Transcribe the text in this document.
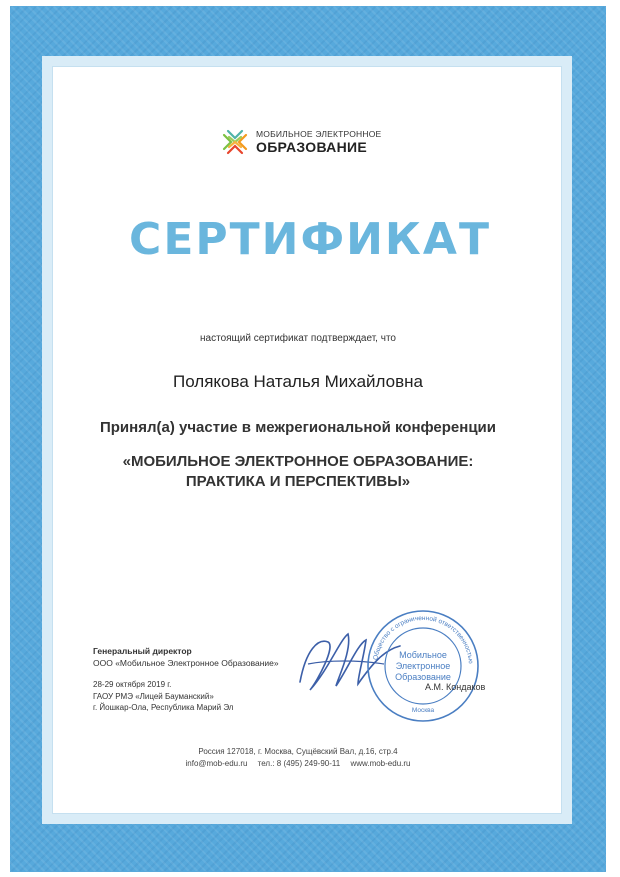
МОБИЛЬНОЕ ЭЛЕКТРОННОЕ
ОБРАЗОВАНИЕ
СЕРТИФИКАТ
настоящий сертификат подтверждает, что
Полякова Наталья Михайловна
Принял(а) участие в межрегиональной конференции
«МОБИЛЬНОЕ ЭЛЕКТРОННОЕ ОБРАЗОВАНИЕ:
ПРАКТИКА И ПЕРСПЕКТИВЫ»
Генеральный директор
ООО «Мобильное Электронное Образование»
28-29 октября 2019 г.
ГАОУ РМЭ «Лицей Бауманский»
г. Йошкар-Ола, Республика Марий Эл
Общество с ограниченной ответственностью
Мобильное
Электронное
Образование
Москва
А.М. Кондаков
Россия 127018, г. Москва, Сущёвский Вал, д.16, стр.4
info@mob-edu.ru тел.: 8 (495) 249-90-11 www.mob-edu.ru
